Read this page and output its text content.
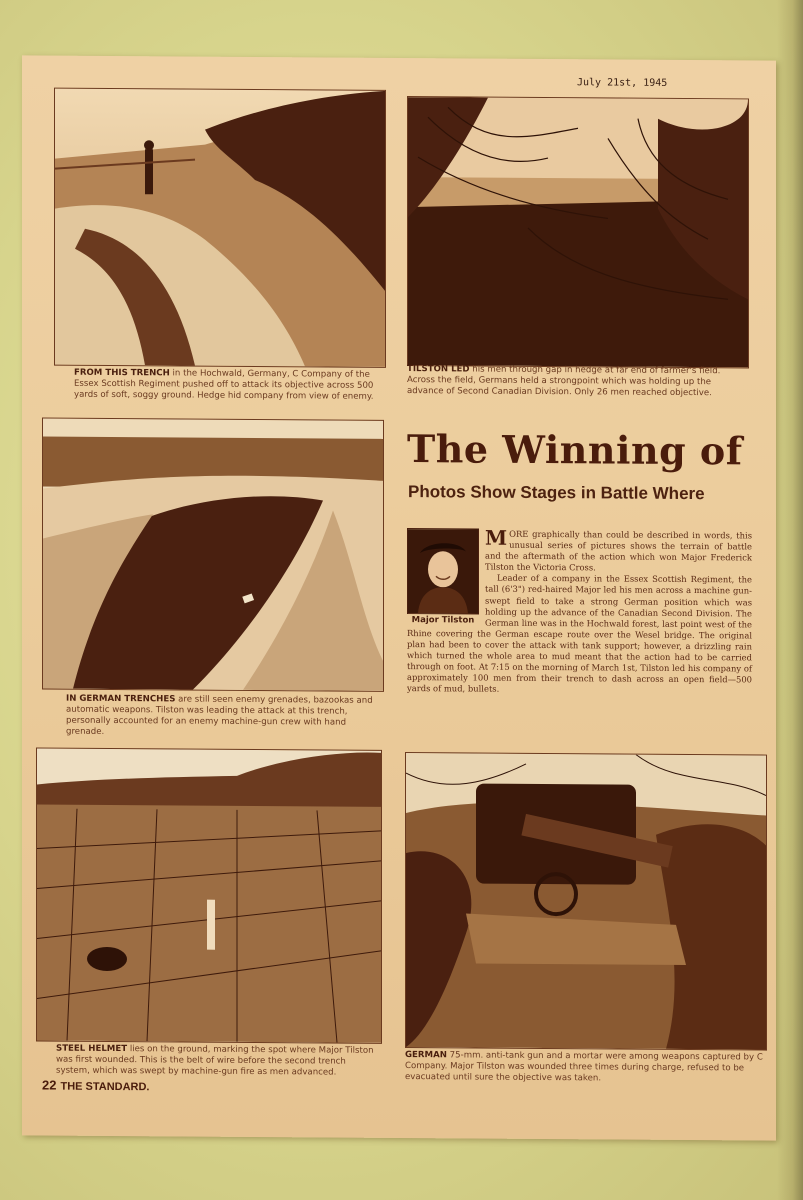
July 21st, 1945

FROM THIS TRENCH in the Hochwald, Germany, C Company of the Essex Scottish Regiment pushed off to attack its objective across 500 yards of soft, soggy ground. Hedge hid company from view of enemy.

TILSTON LED his men through gap in hedge at far end of farmer's field. Across the field, Germans held a strongpoint which was holding up the advance of Second Canadian Division. Only 26 men reached objective.

IN GERMAN TRENCHES are still seen enemy grenades, bazookas and automatic weapons. Tilston was leading the attack at this trench, personally accounted for an enemy machine-gun crew with hand grenade.

The Winning of
Photos Show Stages in Battle Where
Major Tilston

MORE graphically than could be described in words, this unusual series of pictures shows the terrain of battle and the aftermath of the action which won Major Frederick Tilston the Victoria Cross.

Leader of a company in the Essex Scottish Regiment, the tall (6'3") red-haired Major led his men across a machine gun-swept field to take a strong German position which was holding up the advance of the Canadian Second Division. The German line was in the Hochwald forest, last point west of the Rhine covering the German escape route over the Wesel bridge. The original plan had been to cover the attack with tank support; however, a drizzling rain which turned the whole area to mud meant that the action had to be carried through on foot. At 7:15 on the morning of March 1st, Tilston led his company of approximately 100 men from their trench to dash across an open field—500 yards of mud, bullets.

STEEL HELMET lies on the ground, marking the spot where Major Tilston was first wounded. This is the belt of wire before the second trench system, which was swept by machine-gun fire as men advanced.

GERMAN 75-mm. anti-tank gun and a mortar were among weapons captured by C Company. Major Tilston was wounded three times during charge, refused to be evacuated until sure the objective was taken.

22 THE STANDARD.
